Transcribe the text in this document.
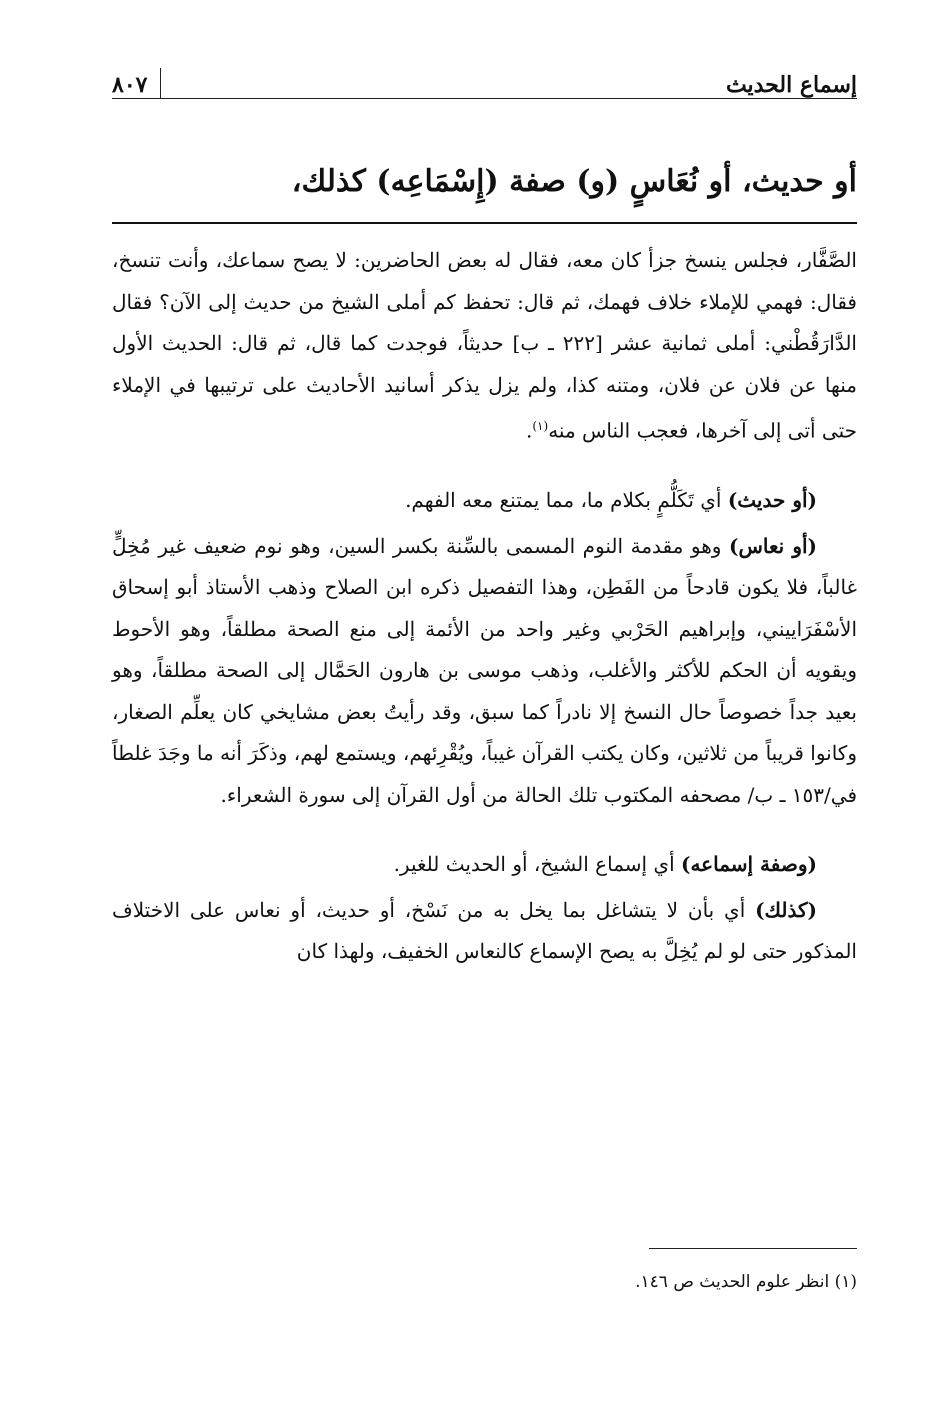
إسماع الحديث
٨٠٧
أو حديث، أو نُعَاسٍ (و) صفة (إِسْمَاعِه) كذلك،

الصَّفَّار، فجلس ينسخ جزأ كان معه، فقال له بعض الحاضرين: لا يصح سماعك، وأنت تنسخ، فقال: فهمي للإملاء خلاف فهمك، ثم قال: تحفظ كم أملى الشيخ من حديث إلى الآن؟ فقال الدَّارَقُطْني: أملى ثمانية عشر [٢٢٢ ـ ب] حديثاً، فوجدت كما قال، ثم قال: الحديث الأول منها عن فلان عن فلان، ومتنه كذا، ولم يزل يذكر أسانيد الأحاديث على ترتيبها في الإملاء حتى أتى إلى آخرها، فعجب الناس منه$^{(١)}$.

(أو حديث) أي تَكَلُّمٍ بكلام ما، مما يمتنع معه الفهم.

(أو نعاس) وهو مقدمة النوم المسمى بالسِّنة بكسر السين، وهو نوم ضعيف غير مُخِلٍّ غالباً، فلا يكون قادحاً من الفَطِن، وهذا التفصيل ذكره ابن الصلاح وذهب الأستاذ أبو إسحاق الأسْفَرَاييني، وإبراهيم الحَرْبي وغير واحد من الأئمة إلى منع الصحة مطلقاً، وهو الأحوط ويقويه أن الحكم للأكثر والأغلب، وذهب موسى بن هارون الحَمَّال إلى الصحة مطلقاً، وهو بعيد جداً خصوصاً حال النسخ إلا نادراً كما سبق، وقد رأيتُ بعض مشايخي كان يعلِّم الصغار، وكانوا قريباً من ثلاثين، وكان يكتب القرآن غيباً، ويُقْرِئهم، ويستمع لهم، وذكَرَ أنه ما وجَدَ غلطاً في/١٥٣ ـ ب/ مصحفه المكتوب تلك الحالة من أول القرآن إلى سورة الشعراء.

(وصفة إسماعه) أي إسماع الشيخ، أو الحديث للغير.

(كذلك) أي بأن لا يتشاغل بما يخل به من نَسْخ، أو حديث، أو نعاس على الاختلاف المذكور حتى لو لم يُخِلَّ به يصح الإسماع كالنعاس الخفيف، ولهذا كان

(١) انظر علوم الحديث ص ١٤٦.
